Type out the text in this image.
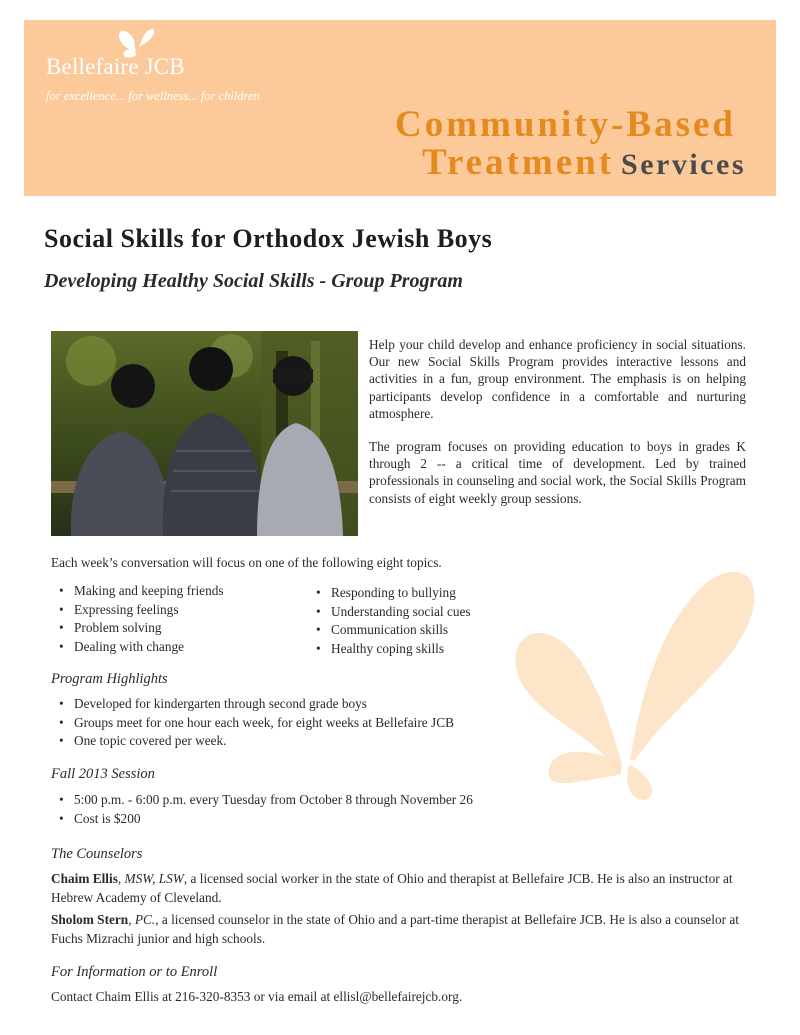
Bellefaire JCB
for excellence... for wellness... for children
Community-Based
Treatment Services
Social Skills for Orthodox Jewish Boys
Developing Healthy Social Skills - Group Program

Help your child develop and enhance proficiency in social situations. Our new Social Skills Program provides interactive lessons and activities in a fun, group environment. The emphasis is on helping participants develop confidence in a comfortable and nurturing atmosphere.

The program focuses on providing education to boys in grades K through 2 -- a critical time of development. Led by trained professionals in counseling and social work, the Social Skills Program consists of eight weekly group sessions.

Each week’s conversation will focus on one of the following eight topics.

• Making and keeping friends
• Expressing feelings
• Problem solving
• Dealing with change
• Responding to bullying
• Understanding social cues
• Communication skills
• Healthy coping skills
Program Highlights
• Developed for kindergarten through second grade boys
• Groups meet for one hour each week, for eight weeks at Bellefaire JCB
• One topic covered per week.
Fall 2013 Session
• 5:00 p.m. - 6:00 p.m. every Tuesday from October 8 through November 26
• Cost is $200
The Counselors

Chaim Ellis, MSW, LSW, a licensed social worker in the state of Ohio and therapist at Bellefaire JCB. He is also an instructor at Hebrew Academy of Cleveland.

Sholom Stern, PC., a licensed counselor in the state of Ohio and a part-time therapist at Bellefaire JCB. He is also a counselor at Fuchs Mizrachi junior and high schools.

For Information or to Enroll

Contact Chaim Ellis at 216-320-8353 or via email at ellisl@bellefairejcb.org.
